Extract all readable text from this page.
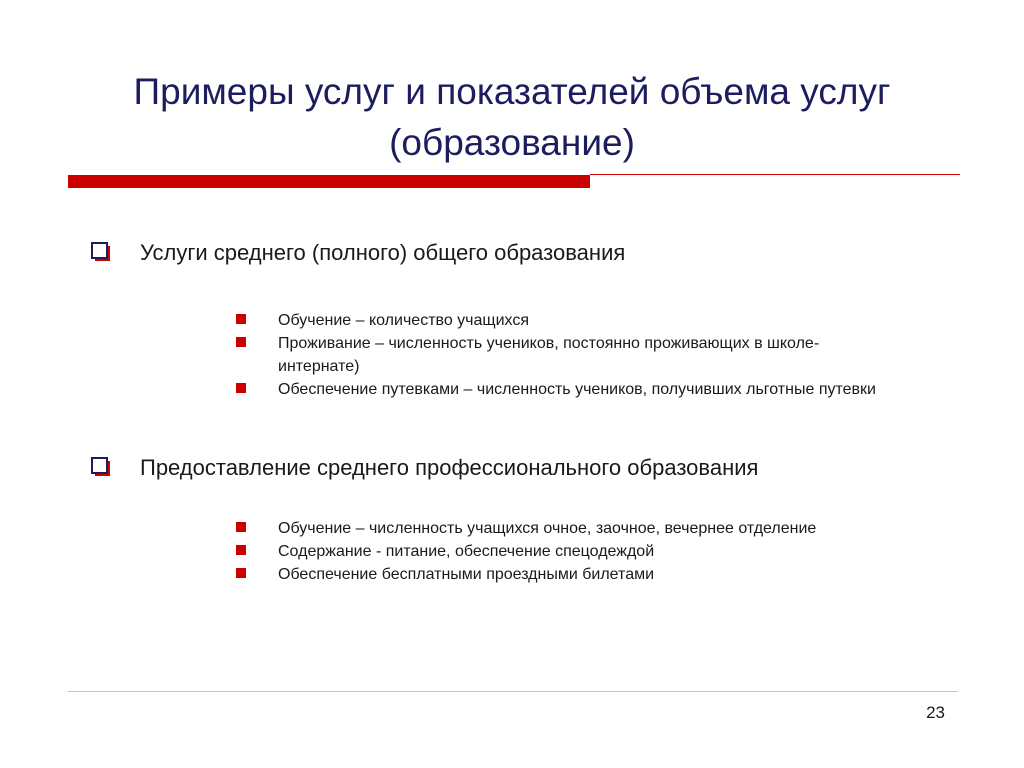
Примеры услуг и показателей объема услуг
(образование)
Услуги среднего (полного) общего образования
Обучение – количество учащихся
Проживание – численность учеников, постоянно проживающих в школе-интернате)
Обеспечение путевками – численность учеников, получивших льготные путевки
Предоставление среднего профессионального образования
Обучение – численность учащихся очное, заочное, вечернее отделение
Содержание - питание, обеспечение спецодеждой
Обеспечение бесплатными проездными билетами
23
